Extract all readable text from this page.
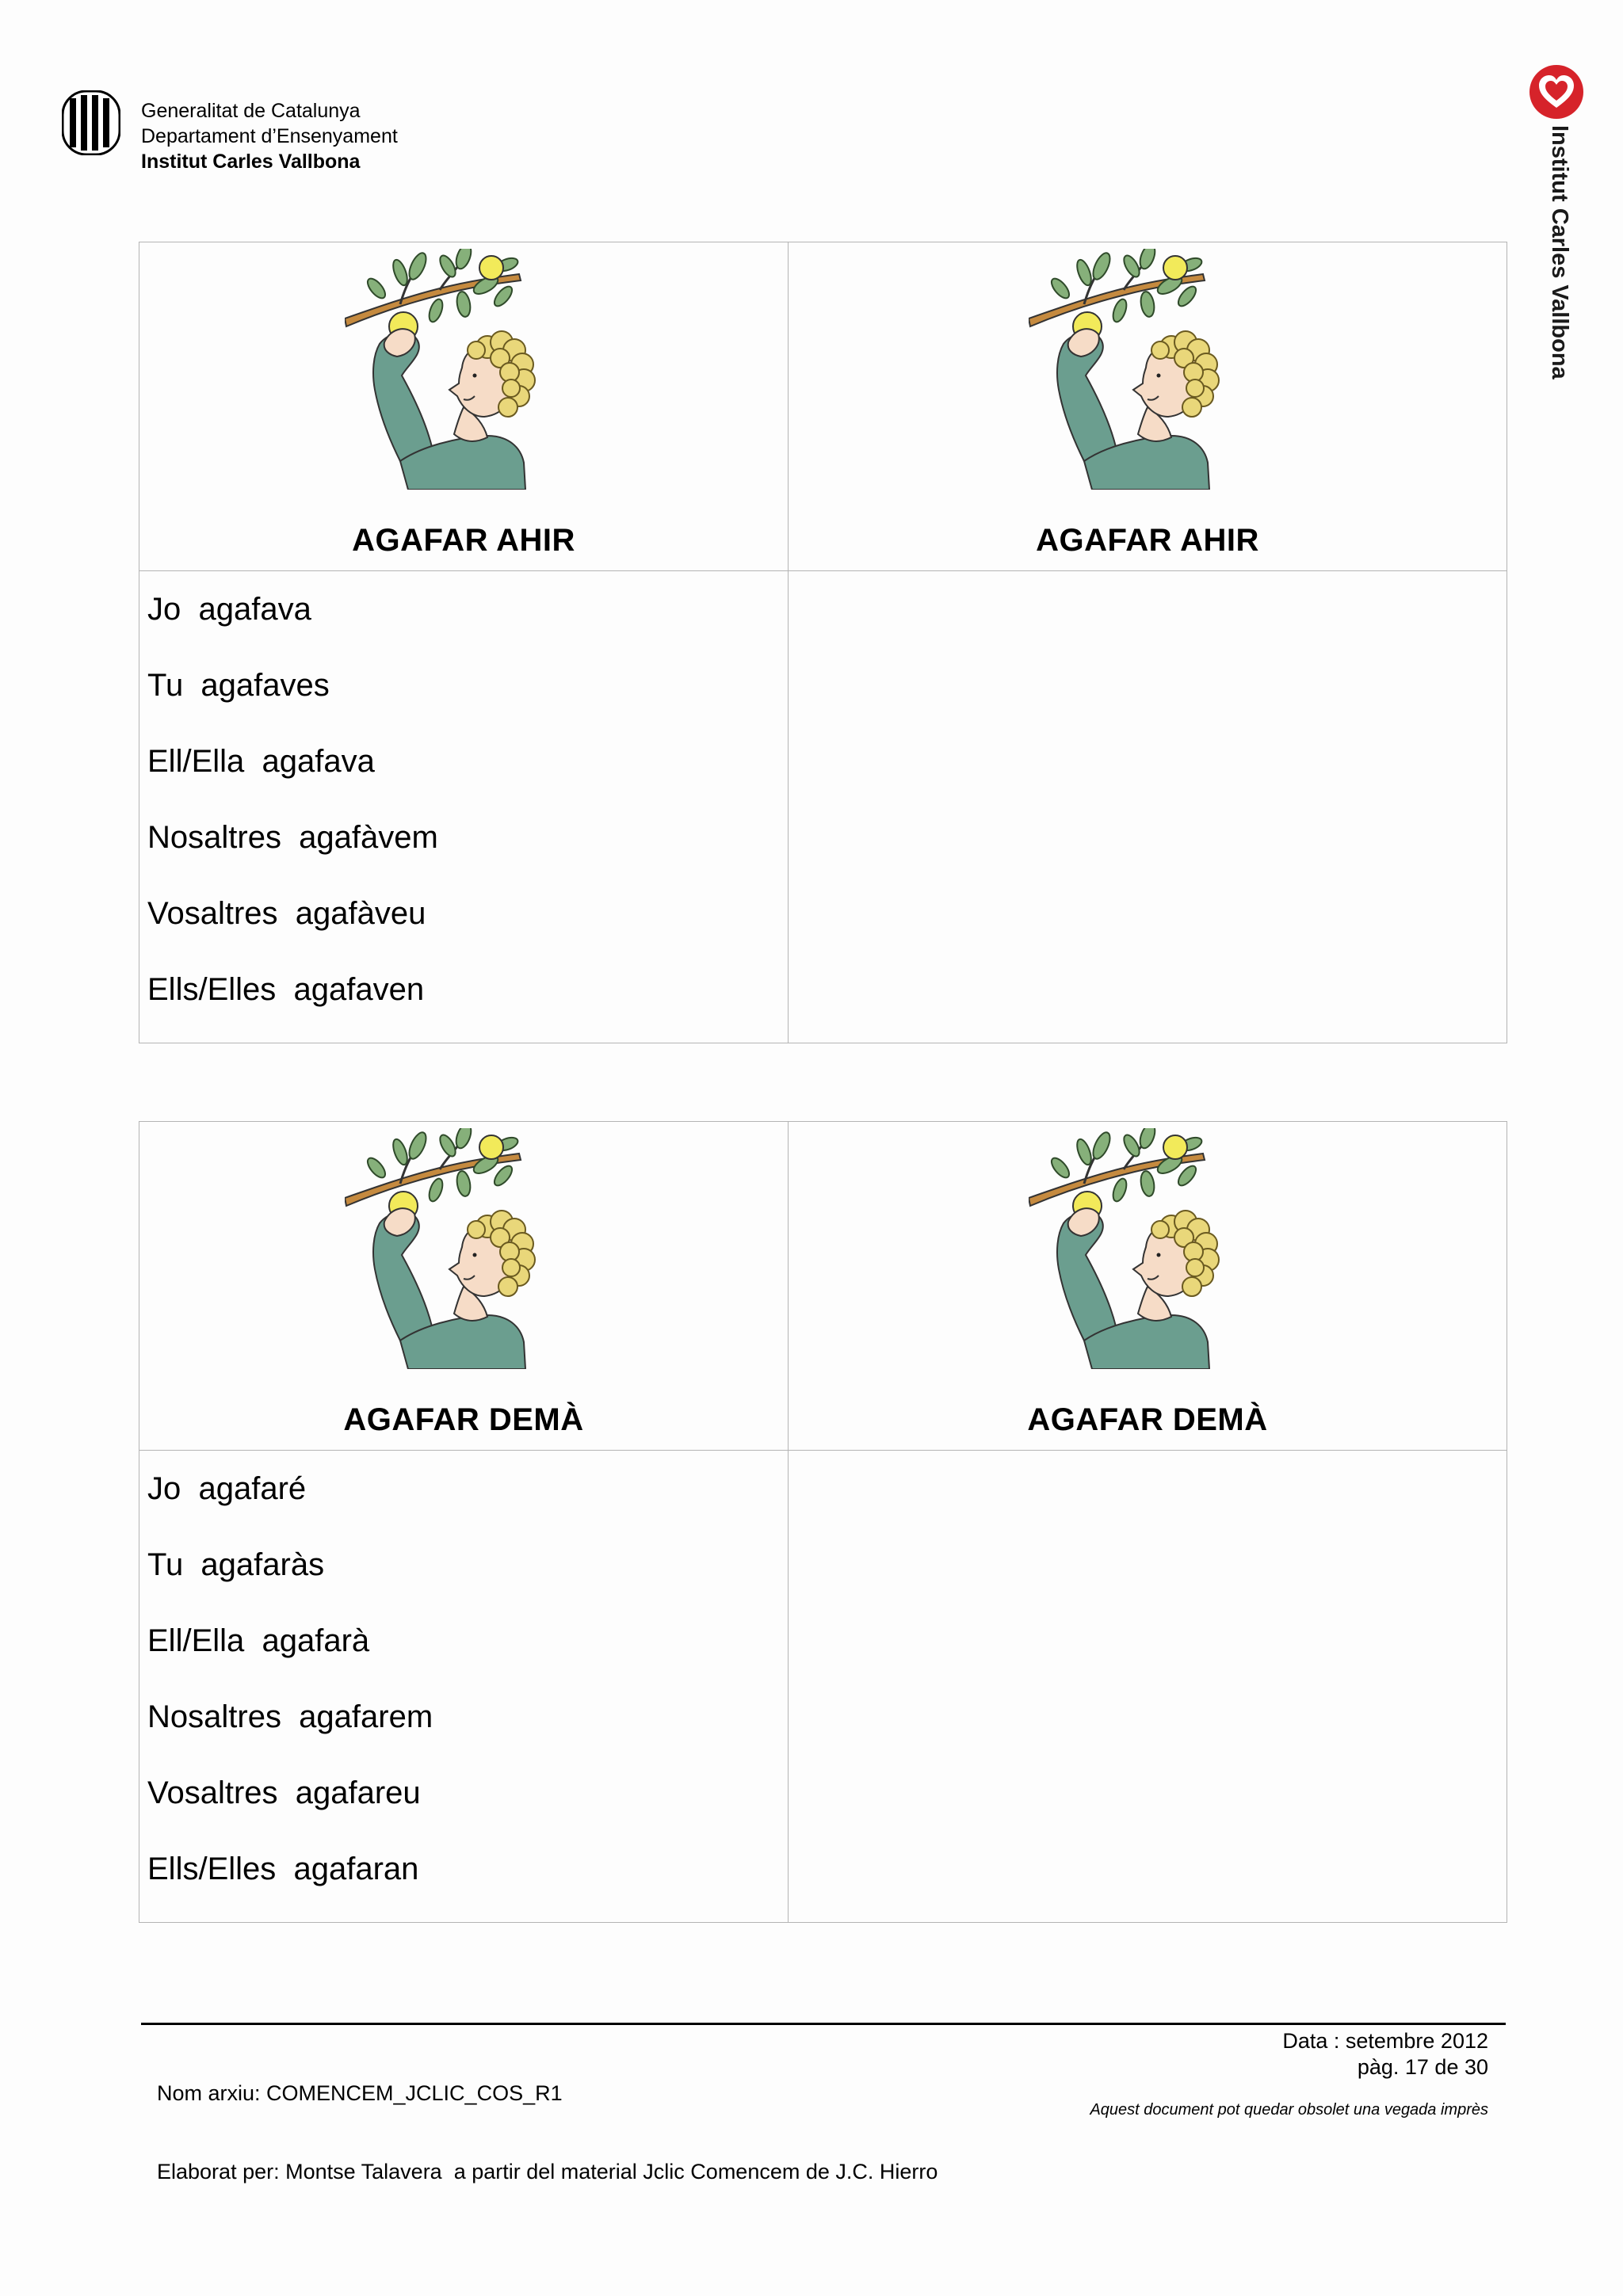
Generalitat de Catalunya
Departament d’Ensenyament
Institut Carles Vallbona	Institut Carles Vallbona
AGAFAR AHIR	AGAFAR AHIR
Jo  agafava
Tu  agafaves
Ell/Ella  agafava
Nosaltres  agafàvem
Vosaltres  agafàveu
Ells/Elles  agafaven
AGAFAR DEMÀ	AGAFAR DEMÀ
Jo  agafaré
Tu  agafaràs
Ell/Ella  agafarà
Nosaltres  agafarem
Vosaltres  agafareu
Ells/Elles  agafaran

Nom arxiu: COMENCEM_JCLIC_COS_R1

Elaborat per: Montse Talavera  a partir del material Jclic Comencem de J.C. Hierro

Data : setembre 2012
pàg. 17 de 30
Aquest document pot quedar obsolet una vegada imprès
